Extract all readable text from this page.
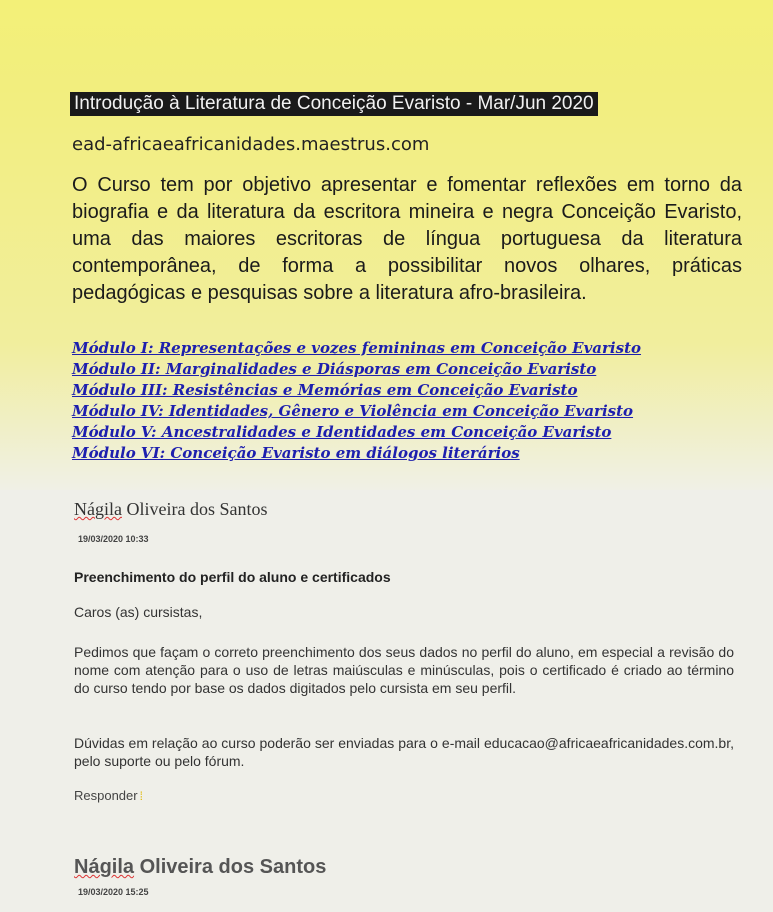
Introdução à Literatura de Conceição Evaristo - Mar/Jun 2020
ead-africaeafricanidades.maestrus.com
O Curso tem por objetivo apresentar e fomentar reflexões em torno da biografia e da literatura da escritora mineira e negra Conceição Evaristo, uma das maiores escritoras de língua portuguesa da literatura contemporânea, de forma a possibilitar novos olhares, práticas pedagógicas e pesquisas sobre a literatura afro-brasileira.
Módulo I: Representações e vozes femininas em Conceição Evaristo
Módulo II: Marginalidades e Diásporas em Conceição Evaristo
Módulo III: Resistências e Memórias em Conceição Evaristo
Módulo IV: Identidades, Gênero e Violência em Conceição Evaristo
Módulo V: Ancestralidades e Identidades em Conceição Evaristo
Módulo VI: Conceição Evaristo em diálogos literários
Nágila Oliveira dos Santos
19/03/2020 10:33
Preenchimento do perfil do aluno e certificados
Caros (as) cursistas,
Pedimos que façam o correto preenchimento dos seus dados no perfil do aluno, em especial a revisão do nome com atenção para o uso de letras maiúsculas e minúsculas, pois o certificado é criado ao término do curso tendo por base os dados digitados pelo cursista em seu perfil.
Dúvidas em relação ao curso poderão ser enviadas para o e-mail educacao@africaeafricanidades.com.br, pelo suporte ou pelo fórum.
Responder ⁞
Nágila Oliveira dos Santos
19/03/2020 15:25
